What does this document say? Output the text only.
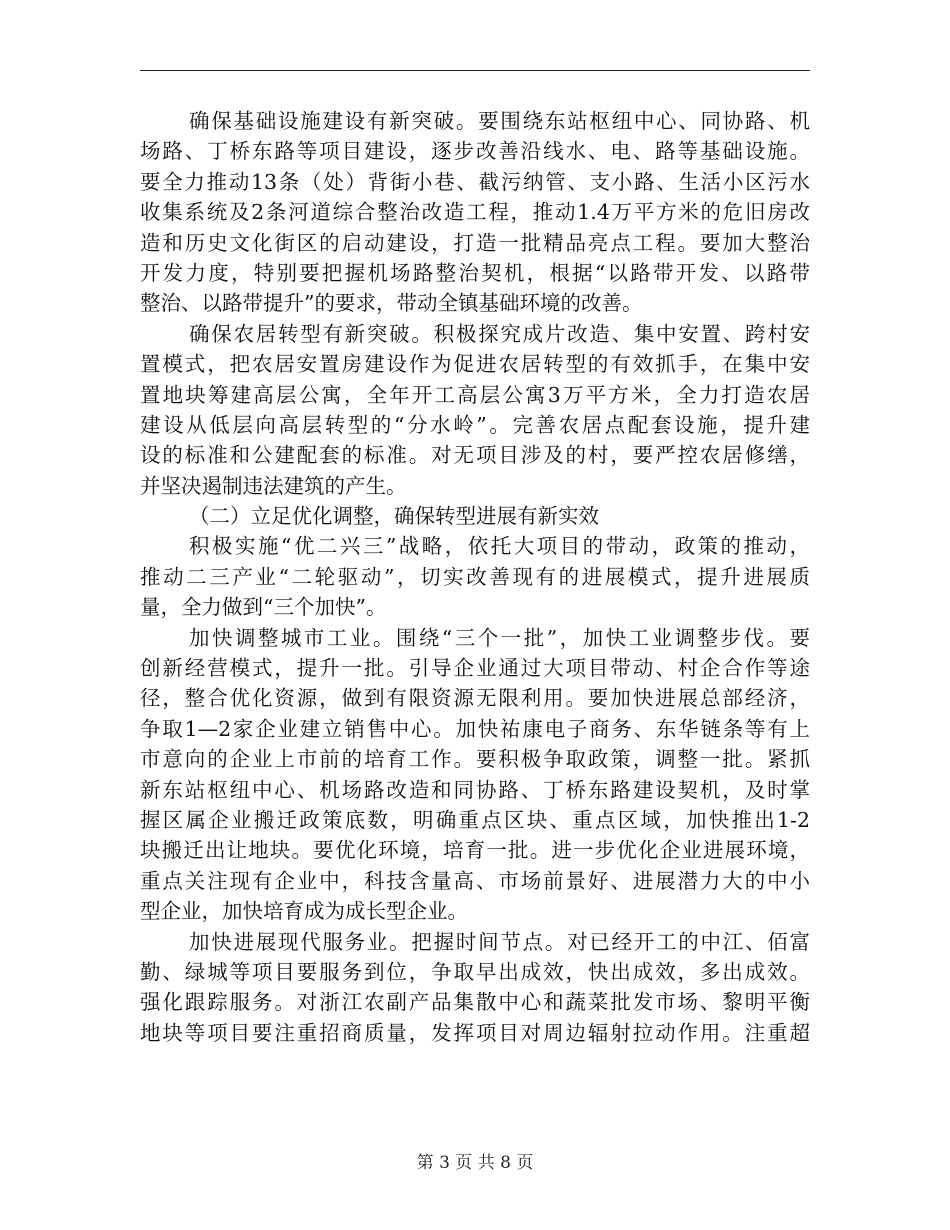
确保基础设施建设有新突破。要围绕东站枢纽中心、同协路、机
场路、丁桥东路等项目建设，逐步改善沿线水、电、路等基础设施。
要全力推动13条（处）背街小巷、截污纳管、支小路、生活小区污水
收集系统及2条河道综合整治改造工程，推动1.4万平方米的危旧房改
造和历史文化街区的启动建设，打造一批精品亮点工程。要加大整治
开发力度，特别要把握机场路整治契机，根据“以路带开发、以路带
整治、以路带提升”的要求，带动全镇基础环境的改善。
确保农居转型有新突破。积极探究成片改造、集中安置、跨村安
置模式，把农居安置房建设作为促进农居转型的有效抓手，在集中安
置地块筹建高层公寓，全年开工高层公寓3万平方米，全力打造农居
建设从低层向高层转型的“分水岭”。完善农居点配套设施，提升建
设的标准和公建配套的标准。对无项目涉及的村，要严控农居修缮，
并坚决遏制违法建筑的产生。
（二）立足优化调整，确保转型进展有新实效
积极实施“优二兴三”战略，依托大项目的带动，政策的推动，
推动二三产业“二轮驱动”，切实改善现有的进展模式，提升进展质
量，全力做到“三个加快”。
加快调整城市工业。围绕“三个一批”，加快工业调整步伐。要
创新经营模式，提升一批。引导企业通过大项目带动、村企合作等途
径，整合优化资源，做到有限资源无限利用。要加快进展总部经济，
争取1—2家企业建立销售中心。加快祐康电子商务、东华链条等有上
市意向的企业上市前的培育工作。要积极争取政策，调整一批。紧抓
新东站枢纽中心、机场路改造和同协路、丁桥东路建设契机，及时掌
握区属企业搬迁政策底数，明确重点区块、重点区域，加快推出1-2
块搬迁出让地块。要优化环境，培育一批。进一步优化企业进展环境，
重点关注现有企业中，科技含量高、市场前景好、进展潜力大的中小
型企业，加快培育成为成长型企业。
加快进展现代服务业。把握时间节点。对已经开工的中江、佰富
勤、绿城等项目要服务到位，争取早出成效，快出成效，多出成效。
强化跟踪服务。对浙江农副产品集散中心和蔬菜批发市场、黎明平衡
地块等项目要注重招商质量，发挥项目对周边辐射拉动作用。注重超
第 3 页 共 8 页
